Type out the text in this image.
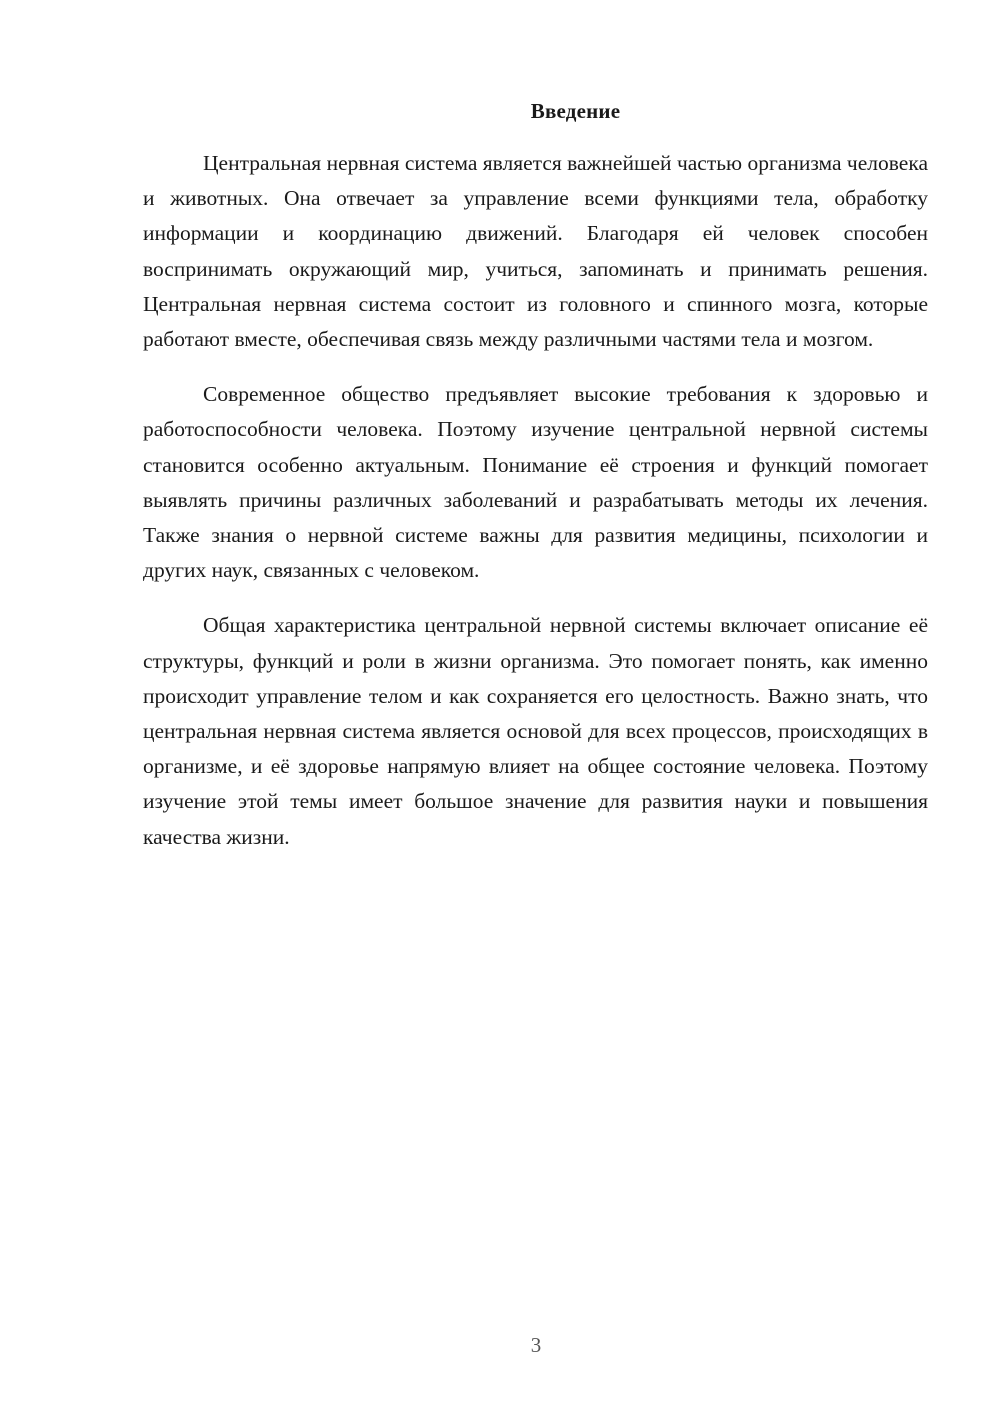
Введение

Центральная нервная система является важнейшей частью организма человека и животных. Она отвечает за управление всеми функциями тела, обработку информации и координацию движений. Благодаря ей человек способен воспринимать окружающий мир, учиться, запоминать и принимать решения. Центральная нервная система состоит из головного и спинного мозга, которые работают вместе, обеспечивая связь между различными частями тела и мозгом.

Современное общество предъявляет высокие требования к здоровью и работоспособности человека. Поэтому изучение центральной нервной системы становится особенно актуальным. Понимание её строения и функций помогает выявлять причины различных заболеваний и разрабатывать методы их лечения. Также знания о нервной системе важны для развития медицины, психологии и других наук, связанных с человеком.

Общая характеристика центральной нервной системы включает описание её структуры, функций и роли в жизни организма. Это помогает понять, как именно происходит управление телом и как сохраняется его целостность. Важно знать, что центральная нервная система является основой для всех процессов, происходящих в организме, и её здоровье напрямую влияет на общее состояние человека. Поэтому изучение этой темы имеет большое значение для развития науки и повышения качества жизни.

3
